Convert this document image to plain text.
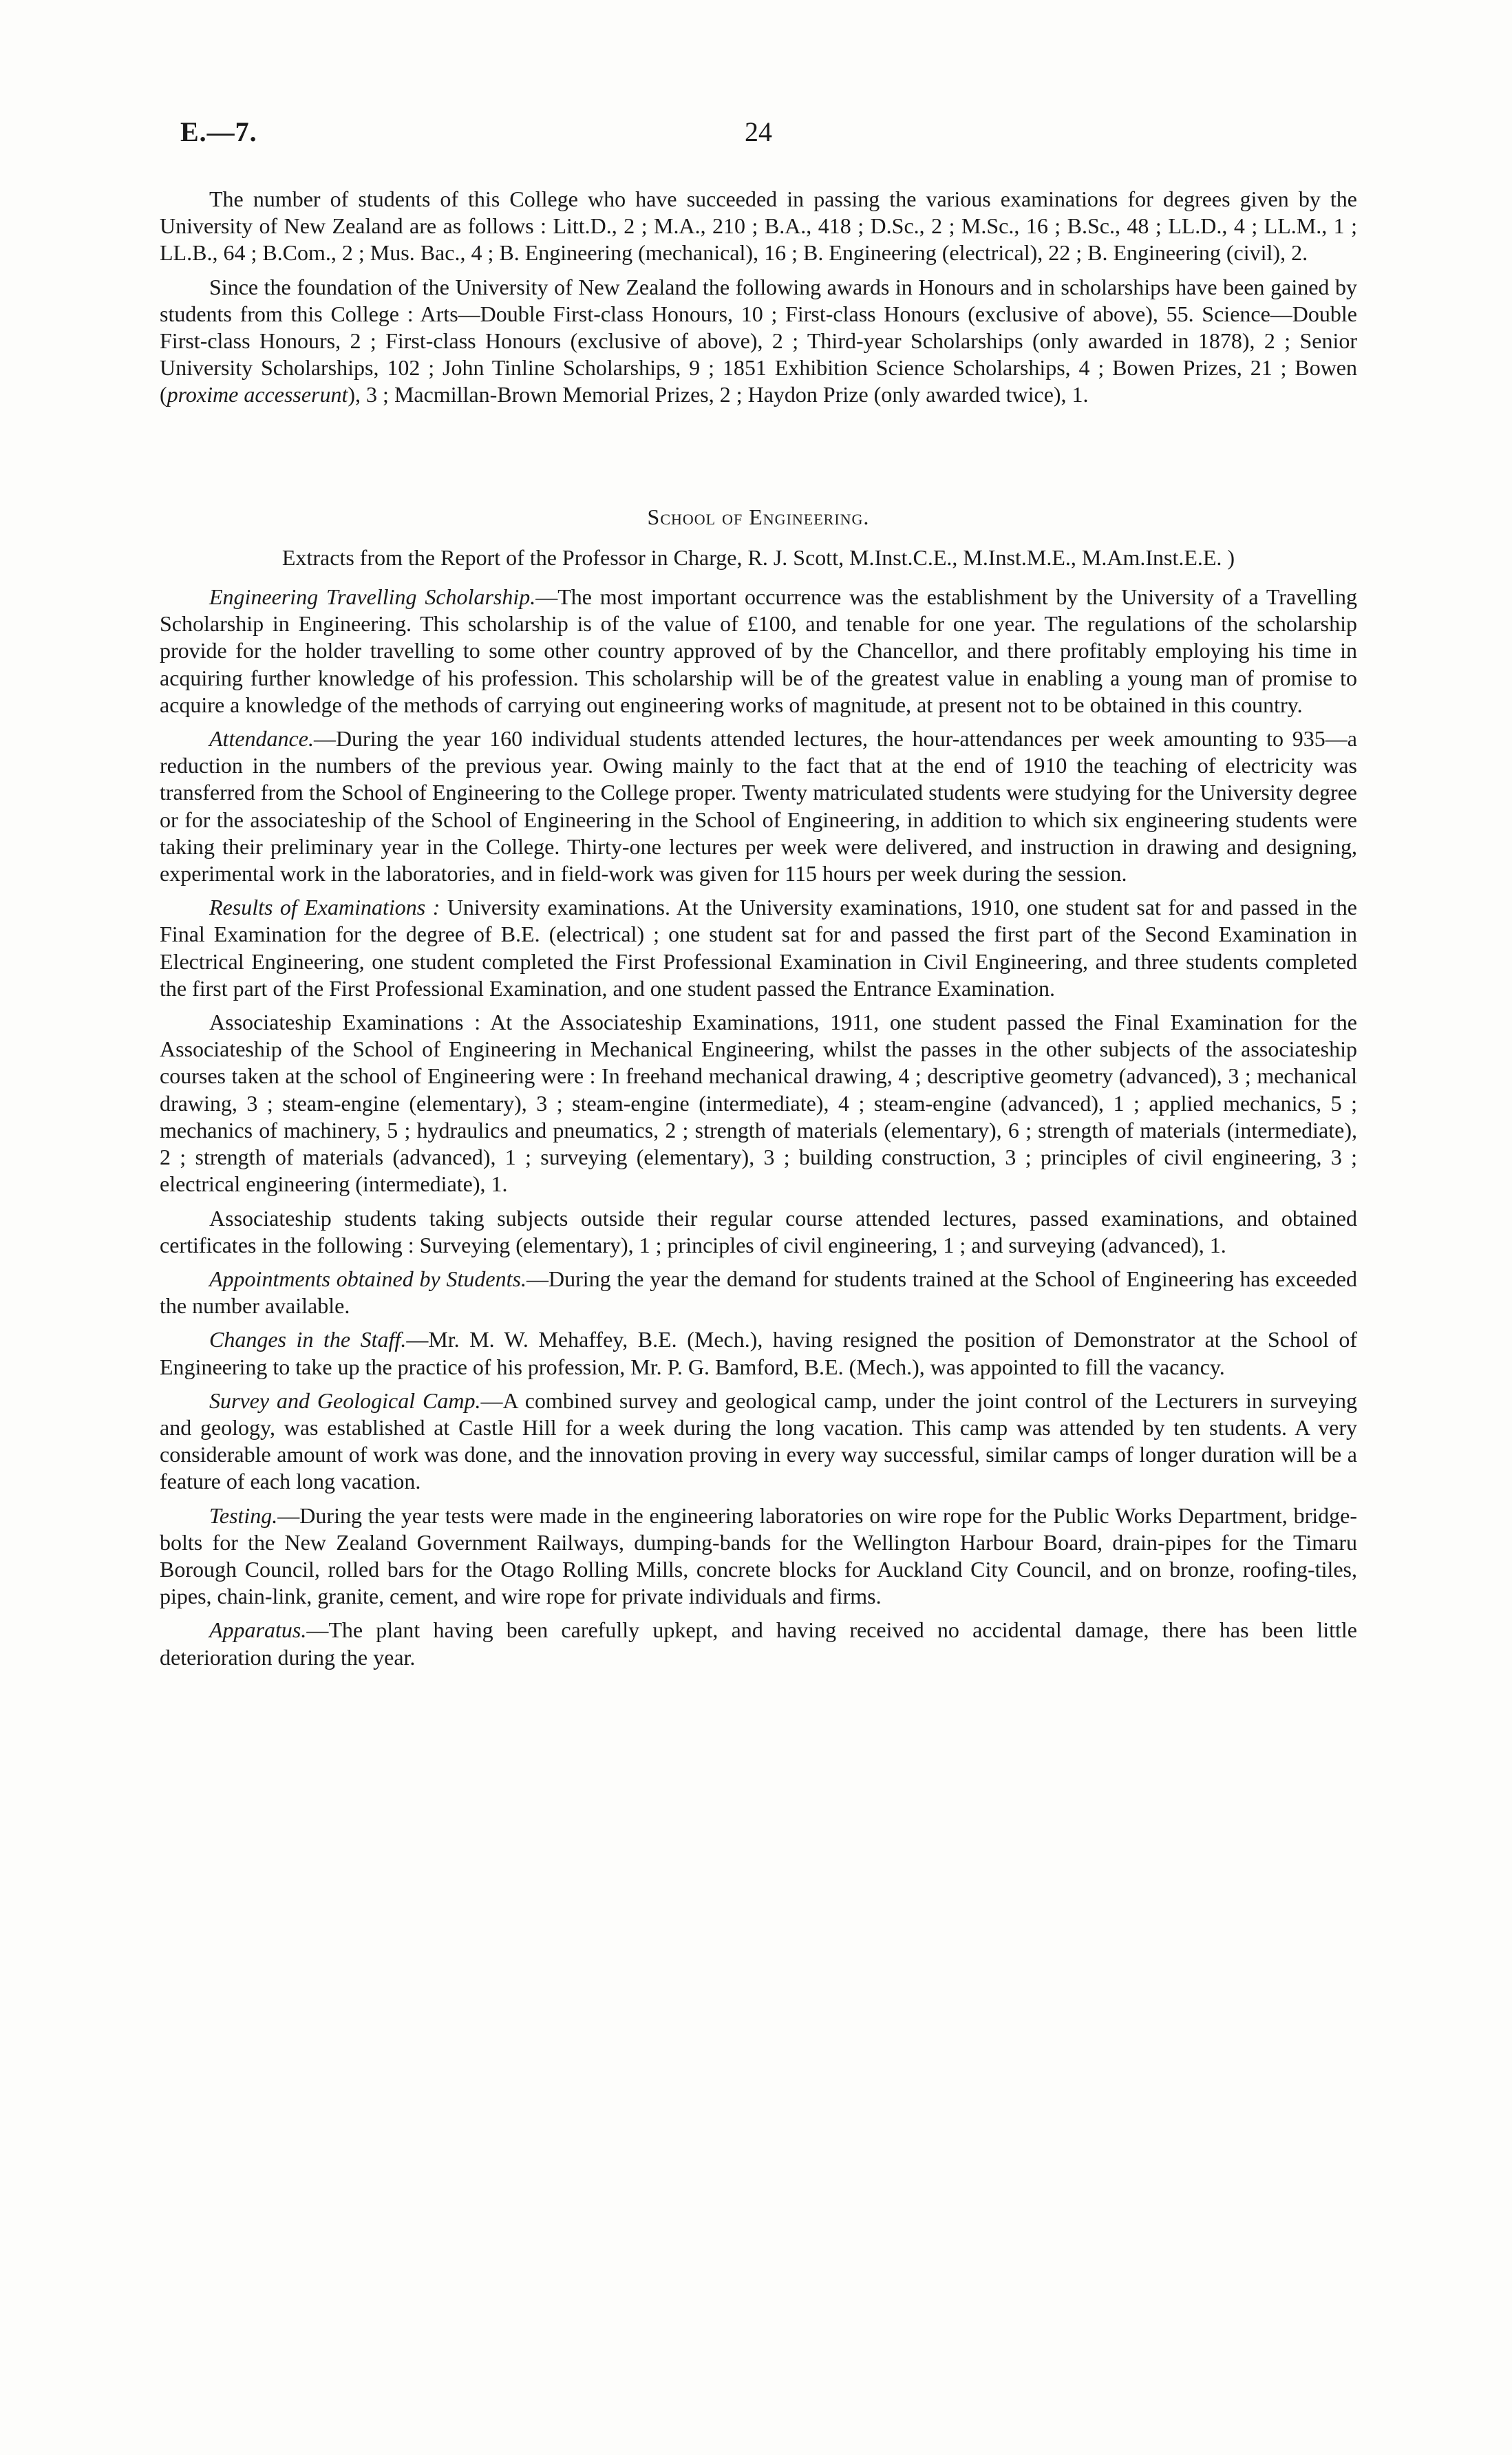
E.—7.	24

The number of students of this College who have succeeded in passing the various examinations for degrees given by the University of New Zealand are as follows : Litt.D., 2 ; M.A., 210 ; B.A., 418 ; D.Sc., 2 ; M.Sc., 16 ; B.Sc., 48 ; LL.D., 4 ; LL.M., 1 ; LL.B., 64 ; B.Com., 2 ; Mus. Bac., 4 ; B. Engineering (mechanical), 16 ; B. Engineering (electrical), 22 ; B. Engineering (civil), 2.

Since the foundation of the University of New Zealand the following awards in Honours and in scholarships have been gained by students from this College : Arts—Double First-class Honours, 10 ; First-class Honours (exclusive of above), 55. Science—Double First-class Honours, 2 ; First-class Honours (exclusive of above), 2 ; Third-year Scholarships (only awarded in 1878), 2 ; Senior University Scholarships, 102 ; John Tinline Scholarships, 9 ; 1851 Exhibition Science Scholarships, 4 ; Bowen Prizes, 21 ; Bowen (proxime accesserunt), 3 ; Macmillan-Brown Memorial Prizes, 2 ; Haydon Prize (only awarded twice), 1.

School of Engineering.
Extracts from the Report of the Professor in Charge, R. J. Scott, M.Inst.C.E., M.Inst.M.E., M.Am.Inst.E.E. )

Engineering Travelling Scholarship.—The most important occurrence was the establishment by the University of a Travelling Scholarship in Engineering. This scholarship is of the value of £100, and tenable for one year. The regulations of the scholarship provide for the holder travelling to some other country approved of by the Chancellor, and there profitably employing his time in acquiring further knowledge of his profession. This scholarship will be of the greatest value in enabling a young man of promise to acquire a knowledge of the methods of carrying out engineering works of magnitude, at present not to be obtained in this country.

Attendance.—During the year 160 individual students attended lectures, the hour-attendances per week amounting to 935—a reduction in the numbers of the previous year. Owing mainly to the fact that at the end of 1910 the teaching of electricity was transferred from the School of Engineering to the College proper. Twenty matriculated students were studying for the University degree or for the associateship of the School of Engineering in the School of Engineering, in addition to which six engineering students were taking their preliminary year in the College. Thirty-one lectures per week were delivered, and instruction in drawing and designing, experimental work in the laboratories, and in field-work was given for 115 hours per week during the session.

Results of Examinations : University examinations. At the University examinations, 1910, one student sat for and passed in the Final Examination for the degree of B.E. (electrical) ; one student sat for and passed the first part of the Second Examination in Electrical Engineering, one student completed the First Professional Examination in Civil Engineering, and three students completed the first part of the First Professional Examination, and one student passed the Entrance Examination.

Associateship Examinations : At the Associateship Examinations, 1911, one student passed the Final Examination for the Associateship of the School of Engineering in Mechanical Engineering, whilst the passes in the other subjects of the associateship courses taken at the school of Engineering were : In freehand mechanical drawing, 4 ; descriptive geometry (advanced), 3 ; mechanical drawing, 3 ; steam-engine (elementary), 3 ; steam-engine (intermediate), 4 ; steam-engine (advanced), 1 ; applied mechanics, 5 ; mechanics of machinery, 5 ; hydraulics and pneumatics, 2 ; strength of materials (elementary), 6 ; strength of materials (intermediate), 2 ; strength of materials (advanced), 1 ; surveying (elementary), 3 ; building construction, 3 ; principles of civil engineering, 3 ; electrical engineering (intermediate), 1.

Associateship students taking subjects outside their regular course attended lectures, passed examinations, and obtained certificates in the following : Surveying (elementary), 1 ; principles of civil engineering, 1 ; and surveying (advanced), 1.

Appointments obtained by Students.—During the year the demand for students trained at the School of Engineering has exceeded the number available.

Changes in the Staff.—Mr. M. W. Mehaffey, B.E. (Mech.), having resigned the position of Demonstrator at the School of Engineering to take up the practice of his profession, Mr. P. G. Bamford, B.E. (Mech.), was appointed to fill the vacancy.

Survey and Geological Camp.—A combined survey and geological camp, under the joint control of the Lecturers in surveying and geology, was established at Castle Hill for a week during the long vacation. This camp was attended by ten students. A very considerable amount of work was done, and the innovation proving in every way successful, similar camps of longer duration will be a feature of each long vacation.

Testing.—During the year tests were made in the engineering laboratories on wire rope for the Public Works Department, bridge-bolts for the New Zealand Government Railways, dumping-bands for the Wellington Harbour Board, drain-pipes for the Timaru Borough Council, rolled bars for the Otago Rolling Mills, concrete blocks for Auckland City Council, and on bronze, roofing-tiles, pipes, chain-link, granite, cement, and wire rope for private individuals and firms.

Apparatus.—The plant having been carefully upkept, and having received no accidental damage, there has been little deterioration during the year.
